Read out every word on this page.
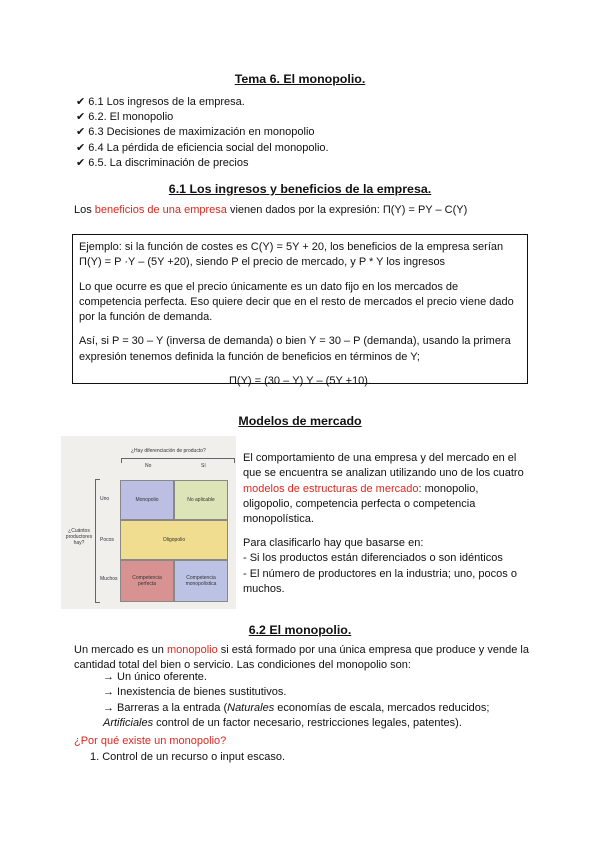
Tema 6. El monopolio.
✔ 6.1 Los ingresos de la empresa.
✔ 6.2. El monopolio
✔ 6.3 Decisiones de maximización en monopolio
✔ 6.4 La pérdida de eficiencia social del monopolio.
✔ 6.5. La discriminación de precios
6.1 Los ingresos y beneficios de la empresa.
Los beneficios de una empresa vienen dados por la expresión: Π(Y) = PY – C(Y)

Ejemplo: si la función de costes es C(Y) = 5Y + 20, los beneficios de la empresa serían Π(Y) = P ·Y – (5Y +20), siendo P el precio de mercado, y P * Y los ingresos

Lo que ocurre es que el precio únicamente es un dato fijo en los mercados de competencia perfecta. Eso quiere decir que en el resto de mercados el precio viene dado por la función de demanda.

Así, si P = 30 – Y (inversa de demanda) o bien Y = 30 – P (demanda), usando la primera expresión tenemos definida la función de beneficios en términos de Y;

Π(Y) = (30 – Y) Y – (5Y +10).

Modelos de mercado
¿Hay diferenciación de producto?
No	Sí
¿Cuántos productores hay?
Uno
Pocos
Muchos
Monopolio	No aplicable
Oligopolio
Competencia perfecta
Competencia monopolística
El comportamiento de una empresa y del mercado en el que se encuentra se analizan utilizando uno de los cuatro modelos de estructuras de mercado: monopolio, oligopolio, competencia perfecta o competencia monopolística.
Para clasificarlo hay que basarse en:
- Si los productos están diferenciados o son idénticos
- El número de productores en la industria; uno, pocos o muchos.
6.2 El monopolio.
Un mercado es un monopolio si está formado por una única empresa que produce y vende la cantidad total del bien o servicio. Las condiciones del monopolio son:
→ Un único oferente.
→ Inexistencia de bienes sustitutivos.
→ Barreras a la entrada (Naturales economías de escala, mercados reducidos;
Artificiales control de un factor necesario, restricciones legales, patentes).
¿Por qué existe un monopolio?
1. Control de un recurso o input escaso.
